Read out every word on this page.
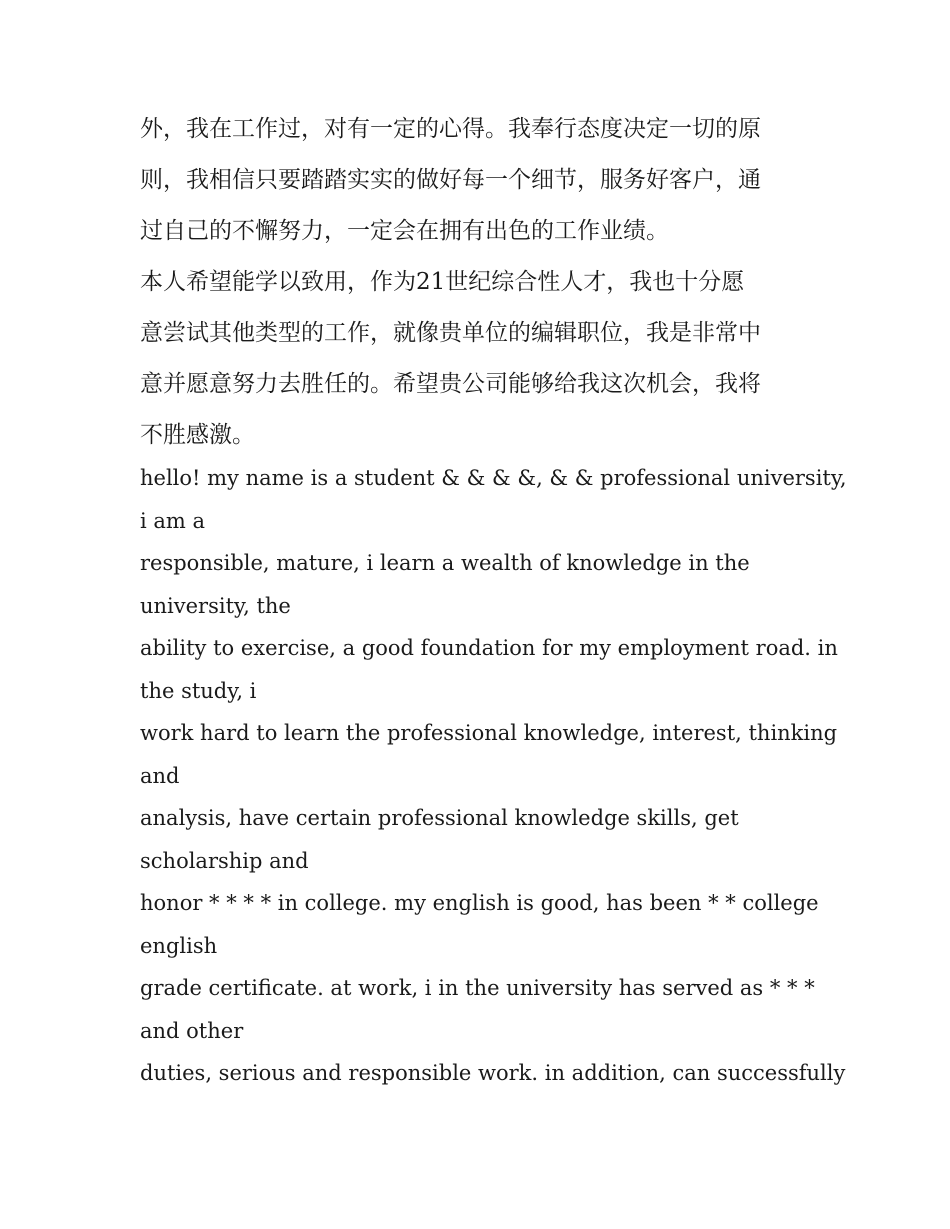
外，我在工作过，对有一定的心得。我奉行态度决定一切的原

则，我相信只要踏踏实实的做好每一个细节，服务好客户，通

过自己的不懈努力，一定会在拥有出色的工作业绩。

本人希望能学以致用，作为21世纪综合性人才，我也十分愿

意尝试其他类型的工作，就像贵单位的编辑职位，我是非常中

意并愿意努力去胜任的。希望贵公司能够给我这次机会，我将

不胜感激。

hello! my name is a student & & & &, & & professional university,

i am a

responsible, mature, i learn a wealth of knowledge in the

university, the

ability to exercise, a good foundation for my employment road. in

the study, i

work hard to learn the professional knowledge, interest, thinking

and

analysis, have certain professional knowledge skills, get

scholarship and

honor * * * * in college. my english is good, has been * * college

english

grade certificate. at work, i in the university has served as * * *

and other

duties, serious and responsible work. in addition, can successfully
